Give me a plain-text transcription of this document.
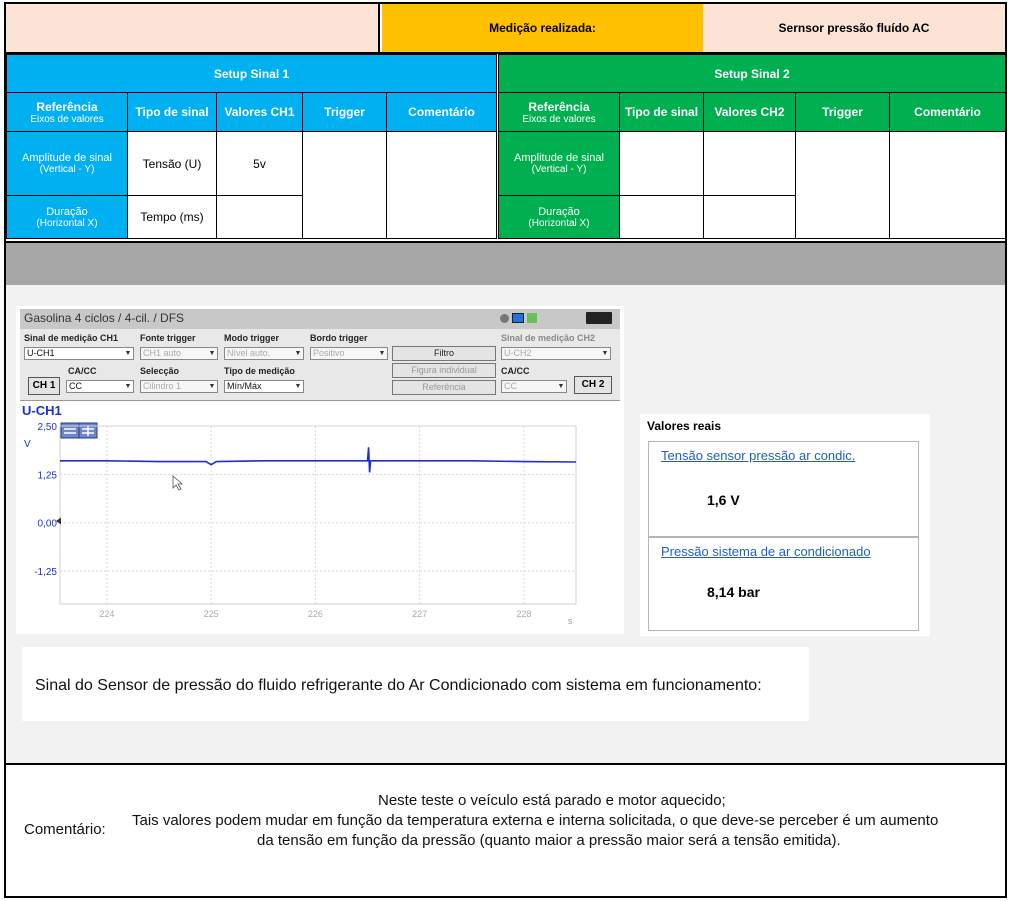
Medição realizada:	Sernsor pressão fluído AC
Setup Sinal 1				
Referência
Eixos de valores	Tipo de sinal	Valores CH1	Trigger	Comentário
Amplitude de sinal
(Vertical - Y)	Tensão (U)	5v		
Duração
(Horizontal X)	Tempo (ms)			
Setup Sinal 2				
Referência
Eixos de valores	Tipo de sinal	Valores CH2	Trigger	Comentário
Amplitude de sinal
(Vertical - Y)				

Duração
(Horizontal X)				

Gasolina 4 ciclos / 4-cil. / DFS
Sinal de medição CH1
U-CH1	▼
Fonte trigger
CH1 auto	▼
Modo trigger
Nível auto.	▼
Bordo trigger
Positivo	▼	Filtro
Figura individual
Referência
Sinal de medição CH2
U-CH2	▼
CA/CC
CH 1	CC	▼
Selecção
Cilindro 1	▼
Tipo de medição
Mín/Máx	▼
CA/CC
CC	▼	CH 2
U-CH1
V
s
2,50
1,25
0,00
-1,25
224	225	226	227	228
Valores reais
Tensão sensor pressão ar condic.
1,6 V
Pressão sistema de ar condicionado
8,14 bar
Sinal do Sensor de pressão do fluido refrigerante do Ar Condicionado com sistema em funcionamento:
Comentário:
Neste teste o veículo está parado e motor aquecido;
Tais valores podem mudar em função da temperatura externa e interna solicitada, o que deve-se perceber é um aumento
da tensão em função da pressão (quanto maior a pressão maior será a tensão emitida).
